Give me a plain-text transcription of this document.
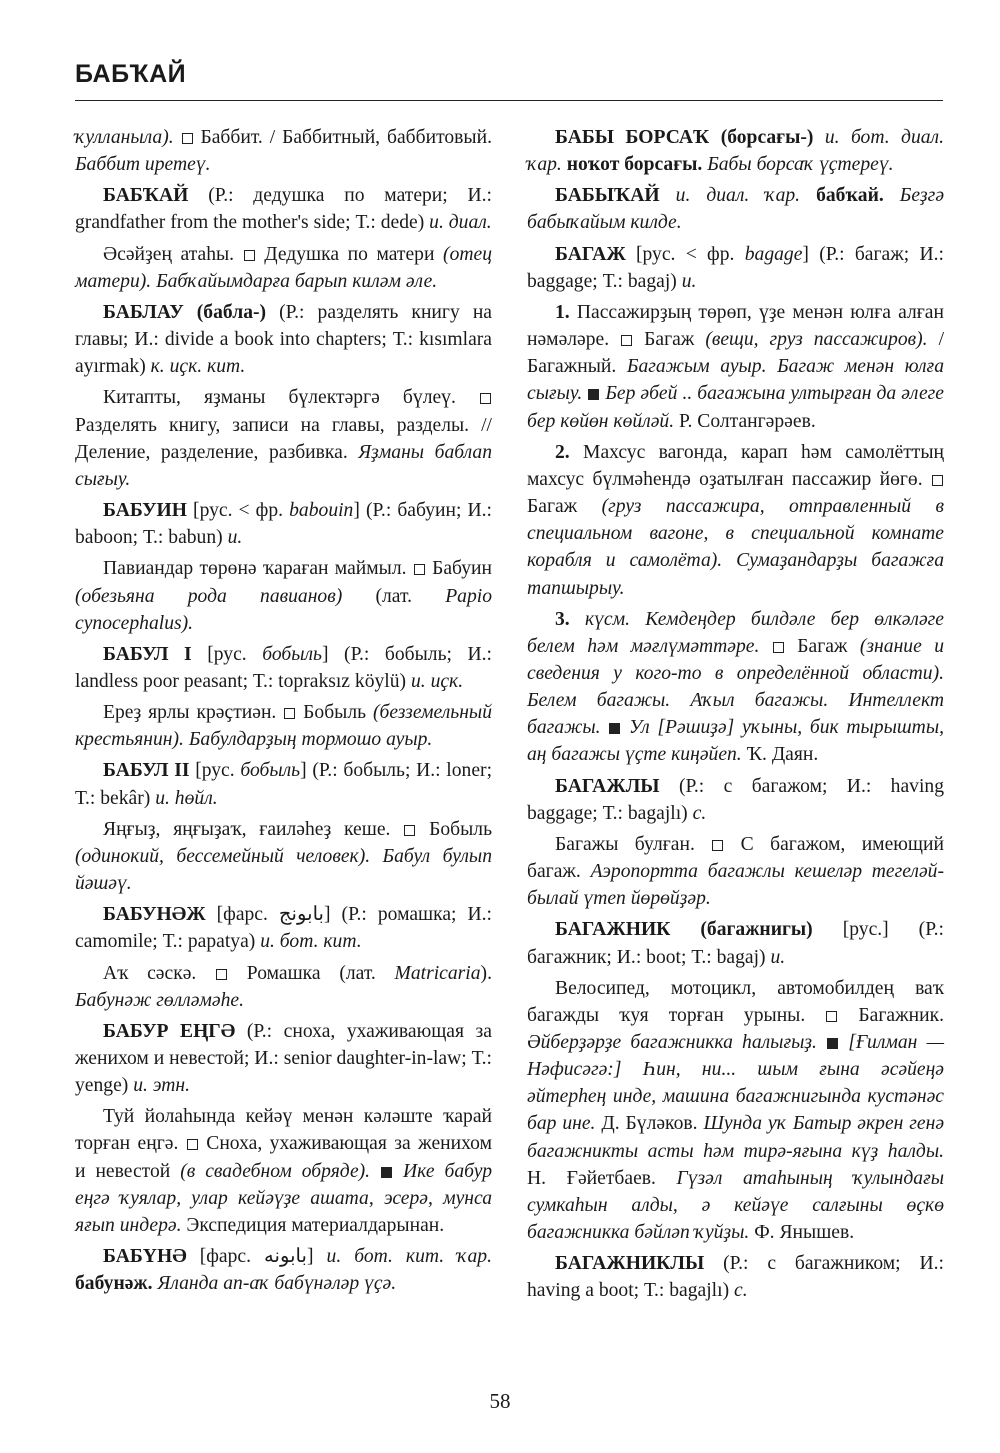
БАБҠАЙ

ҡулланыла). Баббит. / Баббитный, баббитовый. Баббит иретеү.

БАБҠАЙ (Р.: дедушка по матери; И.: grandfather from the mother's side; Т.: dede) и. диал.

Әсәйҙең атаһы. Дедушка по матери (отец матери). Бабҡайымдарға барып киләм әле.

БАБЛАУ (бабла-) (Р.: разделять книгу на главы; И.: divide a book into chapters; Т.: kısımlara ayırmak) к. иҫк. кит.

Китапты, яҙманы бүлектәргә бүлеү.  Разделять книгу, записи на главы, разделы. // Деление, разделение, разбивка. Яҙманы баблап сығыу.

БАБУИН [рус. < фр. babouin] (Р.: бабуин; И.: baboon; Т.: babun) и.

Павиандар төрөнә ҡараған маймыл. Бабуин (обезьяна рода павианов) (лат. Papio cynocephalus).

БАБУЛ I [рус. бобыль] (Р.: бобыль; И.: landless poor peasant; Т.: topraksız köylü) и. иҫк.

Ереҙ ярлы крәҫтиән. Бобыль (безземельный крестьянин). Бабулдарҙың тормошо ауыр.

БАБУЛ II [рус. бобыль] (Р.: бобыль; И.: loner; Т.: bekâr) и. һөйл.

Яңғыҙ, яңғыҙаҡ, ғаиләһеҙ кеше. Бобыль (одинокий, бессемейный человек). Бабул булып йәшәү.

БАБУНӘЖ [фарс. بابونج] (Р.: ромашка; И.: camomile; Т.: papatya) и. бот. кит.

Аҡ сәскә.	Ромашка (лат. Matricaria). Бабунәж гөлләмәһе.

БАБУР ЕҢГӘ (Р.: сноха, ухаживающая за женихом и невестой; И.: senior daughter-in-law; Т.: yenge) и. этн.

Туй йолаһында кейәү менән кәләште ҡарай торған еңгә. Сноха, ухаживающая за женихом и невестой (в свадебном обряде). Ике бабур еңгә ҡуялар, улар кейәүҙе ашата, эсерә, мунса яғып индерә. Экспедиция материалдарынан.

БАБҮНӘ [фарс. بابونه] и. бот. кит. ҡар. бабунәж. Яланда ап-аҡ бабүнәләр үҫә.

БАБЫ БОРСАҠ (борсағы-) и. бот. диал. ҡар. ноҡот борсағы. Бабы борсаҡ үҫтереү.

БАБЫҠАЙ и. диал. ҡар. бабҡай. Беҙгә бабыҡайым килде.

БАГАЖ [рус. < фр. bagage] (Р.: багаж; И.: baggage; Т.: bagaj) и.

1. Пассажирҙың төрөп, үҙе менән юлға алған нәмәләре. Багаж (вещи, груз пассажиров). / Багажный. Багажым ауыр. Багаж менән юлға сығыу. Бер әбей .. багажына ултырған да әлеге бер көйөн көйләй. Р. Солтангәрәев.

2. Махсус вагонда, карап һәм самолёттың махсус бүлмәһендә оҙатылған пассажир йөгө.  Багаж (груз пассажира, отправленный в специальном вагоне, в специальной комнате корабля и самолёта). Сумаҙандарҙы багажға тапшырыу.

3. күсм. Кемдеңдер билдәле бер өлкәләге белем һәм мәғлүмәттәре. Багаж (знание и сведения у кого-то в определённой области). Белем багажы. Аҡыл багажы. Интеллект багажы. Ул [Рәшиҙә] уҡыны, бик тырышты, аң багажы үҫте киңәйеп. Ҡ. Даян.

БАГАЖЛЫ (Р.: с багажом; И.: having baggage; Т.: bagajlı) с.

Багажы булған. С багажом, имеющий багаж. Аэропортта багажлы кешеләр тегеләй-былай үтеп йөрөйҙәр.

БАГАЖНИК (багажнигы) [рус.] (Р.: багажник; И.: boot; Т.: bagaj) и.

Велосипед, мотоцикл, автомобилдең ваҡ багажды ҡуя торған урыны.	Багажник. Әйберҙәрҙе багажникка һалығыҙ. [Ғилман — Нәфисәгә:] Һин, ни... шым ғына әсәйеңә әйтерһең инде, машина багажнигында кустәнәс бар ине. Д. Бүләков. Шунда уҡ Батыр әкрен генә багажникты асты һәм тирә-яғына күҙ һалды. Н. Ғәйетбаев. Гүзәл атаһының ҡулындағы сумкаһын алды, ә кейәүе салғыны өҫкө багажникка бәйләп ҡуйҙы. Ф. Янышев.

БАГАЖНИКЛЫ (Р.: с багажником; И.: having a boot; Т.: bagajlı) с.

58
